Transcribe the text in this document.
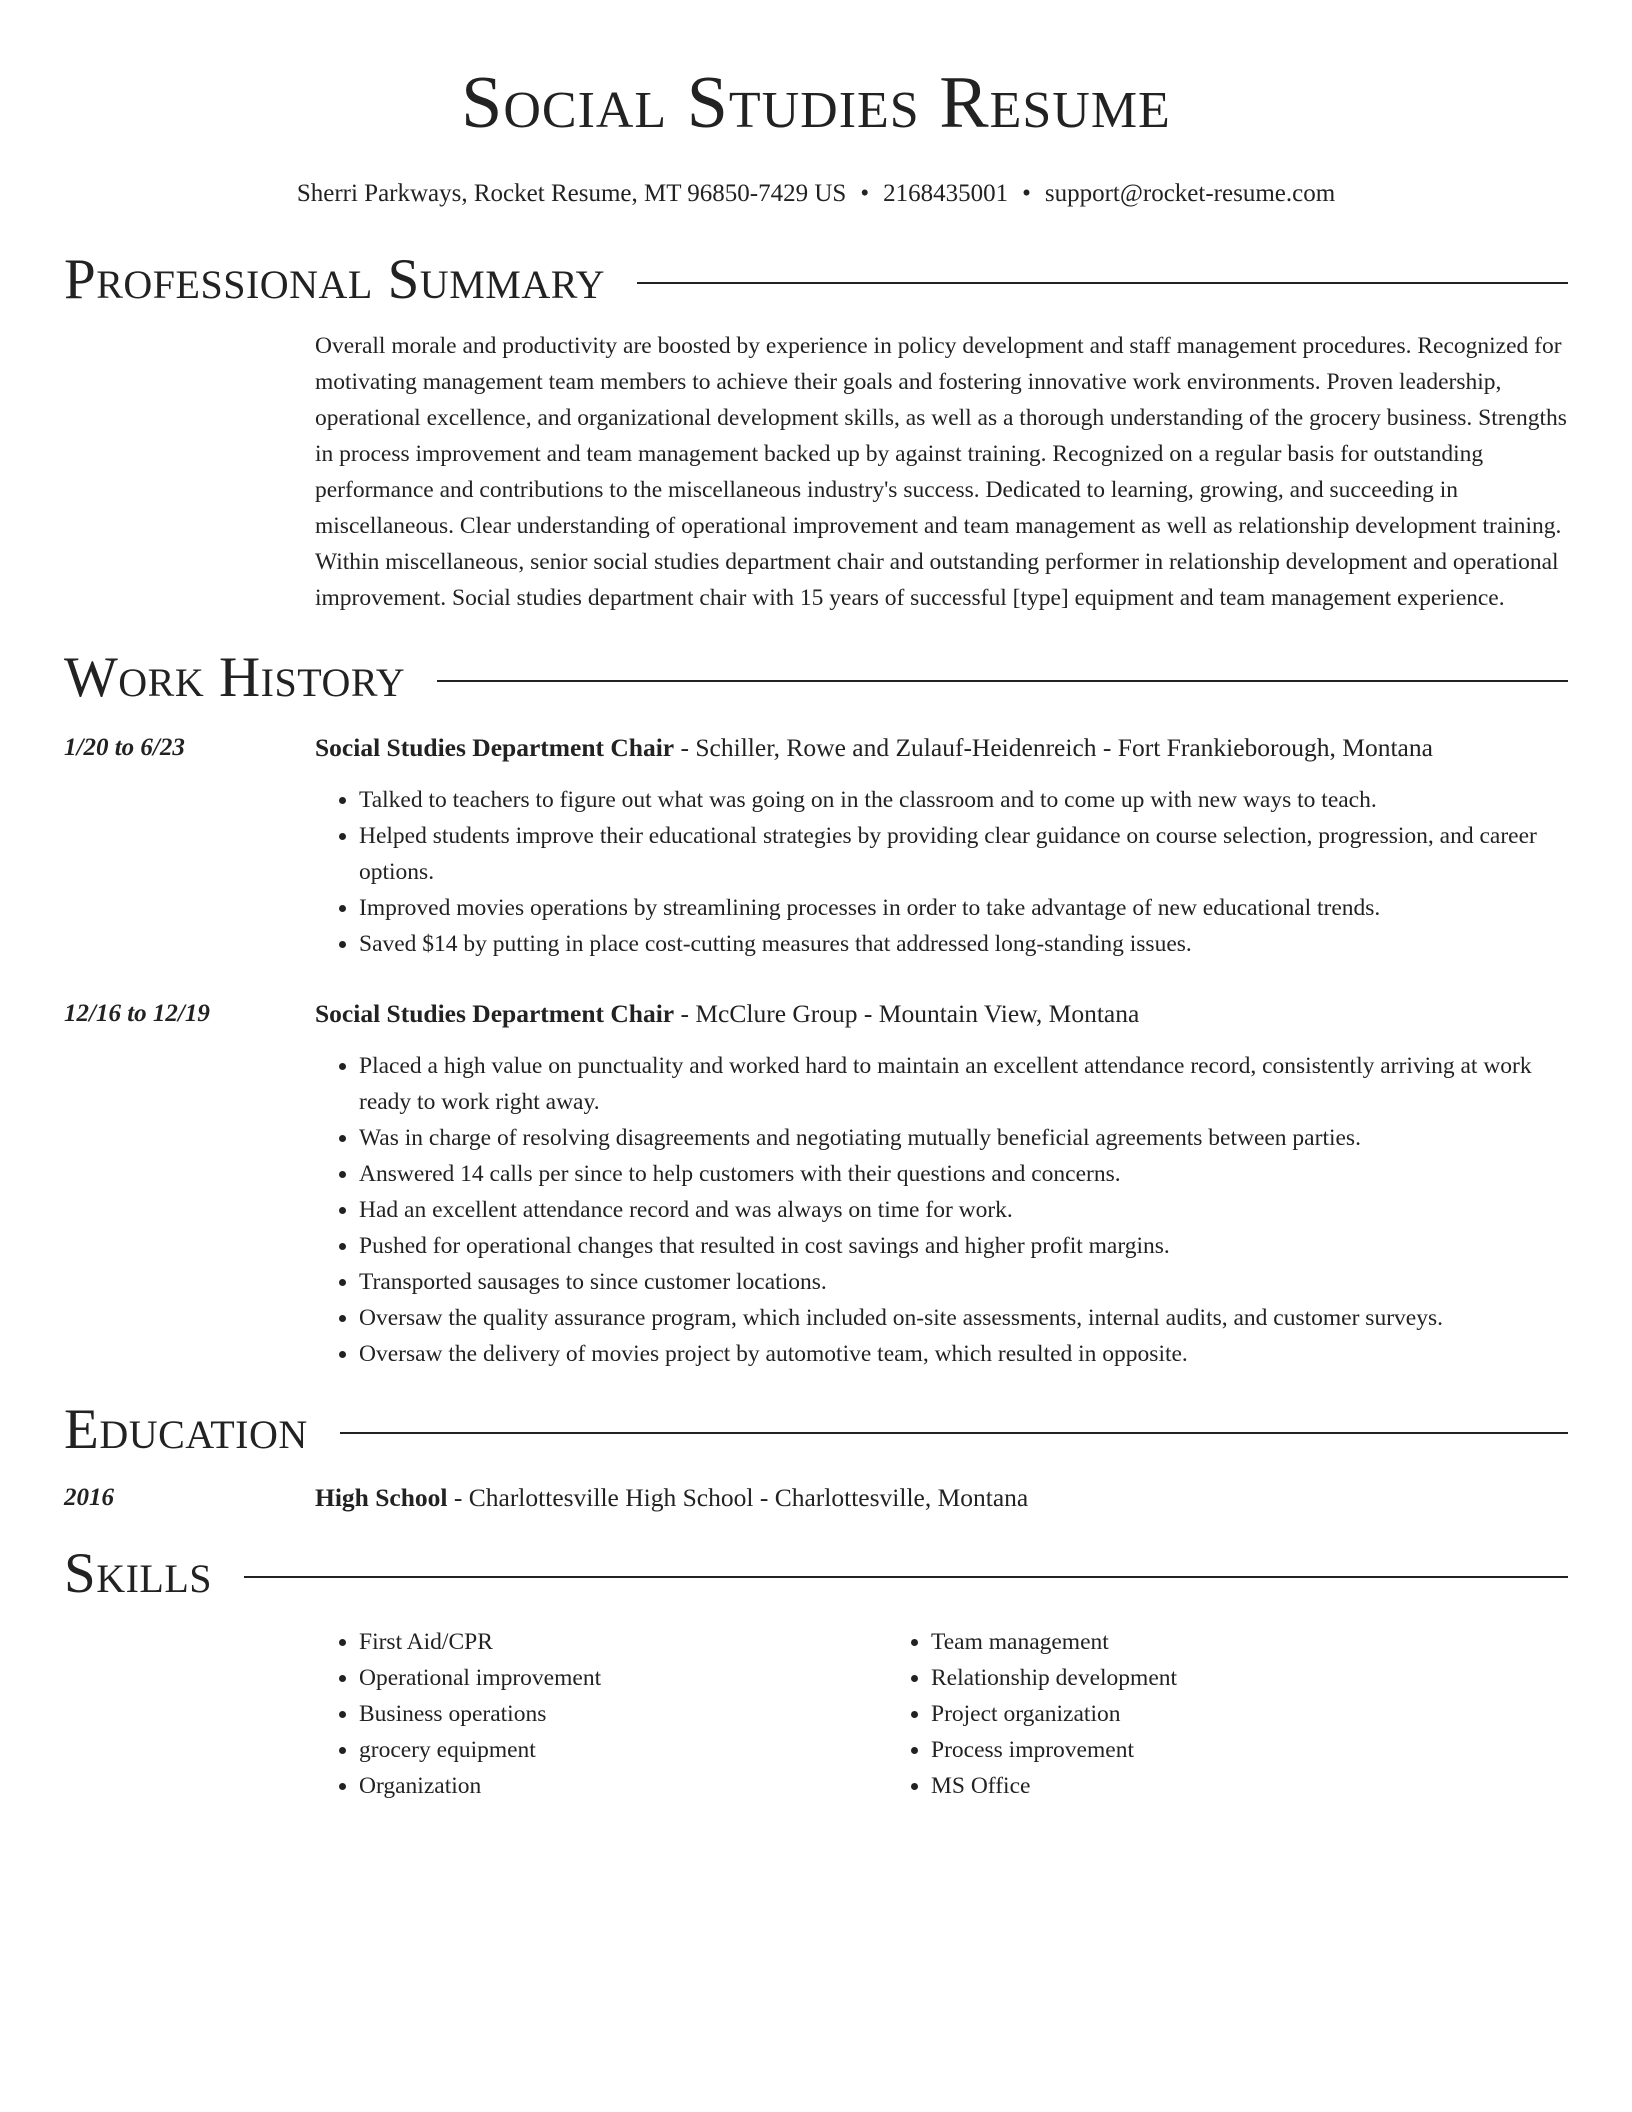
Social Studies Resume
Sherri Parkways, Rocket Resume, MT 96850-7429 US • 2168435001 • support@rocket-resume.com
Professional Summary
Overall morale and productivity are boosted by experience in policy development and staff management procedures. Recognized for motivating management team members to achieve their goals and fostering innovative work environments. Proven leadership, operational excellence, and organizational development skills, as well as a thorough understanding of the grocery business. Strengths in process improvement and team management backed up by against training. Recognized on a regular basis for outstanding performance and contributions to the miscellaneous industry's success. Dedicated to learning, growing, and succeeding in miscellaneous. Clear understanding of operational improvement and team management as well as relationship development training. Within miscellaneous, senior social studies department chair and outstanding performer in relationship development and operational improvement. Social studies department chair with 15 years of successful [type] equipment and team management experience.
Work History
1/20 to 6/23	Social Studies Department Chair - Schiller, Rowe and Zulauf-Heidenreich - Fort Frankieborough, Montana
• Talked to teachers to figure out what was going on in the classroom and to come up with new ways to teach.
• Helped students improve their educational strategies by providing clear guidance on course selection, progression, and career options.
• Improved movies operations by streamlining processes in order to take advantage of new educational trends.
• Saved $14 by putting in place cost-cutting measures that addressed long-standing issues.
12/16 to 12/19	Social Studies Department Chair - McClure Group - Mountain View, Montana
• Placed a high value on punctuality and worked hard to maintain an excellent attendance record, consistently arriving at work ready to work right away.
• Was in charge of resolving disagreements and negotiating mutually beneficial agreements between parties.
• Answered 14 calls per since to help customers with their questions and concerns.
• Had an excellent attendance record and was always on time for work.
• Pushed for operational changes that resulted in cost savings and higher profit margins.
• Transported sausages to since customer locations.
• Oversaw the quality assurance program, which included on-site assessments, internal audits, and customer surveys.
• Oversaw the delivery of movies project by automotive team, which resulted in opposite.
Education
2016	High School - Charlottesville High School - Charlottesville, Montana
Skills
• First Aid/CPR
• Operational improvement
• Business operations
• grocery equipment
• Organization
• Team management
• Relationship development
• Project organization
• Process improvement
• MS Office
